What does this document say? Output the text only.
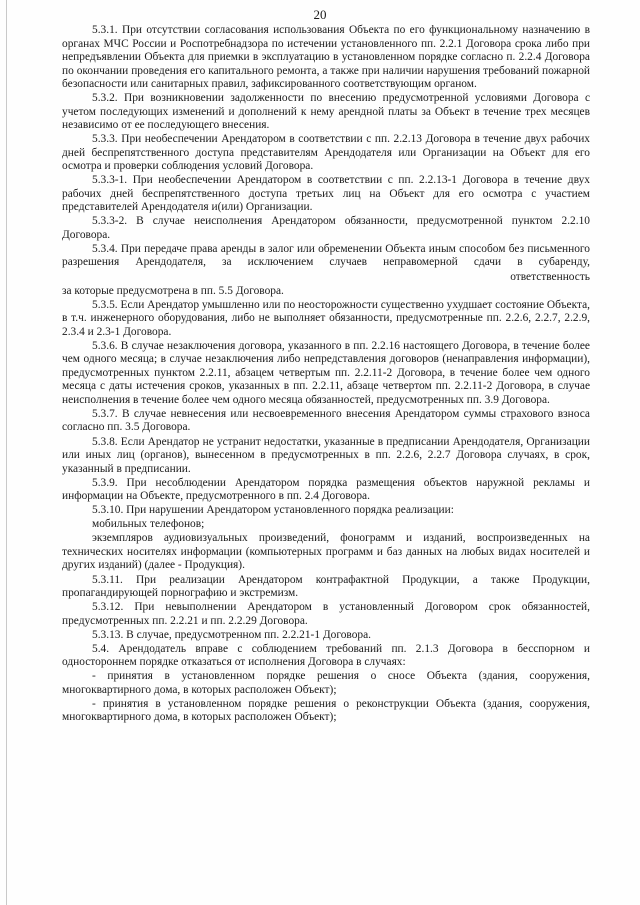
20

5.3.1. При отсутствии согласования использования Объекта по его функциональному назначению в органах МЧС России и Роспотребнадзора по истечении установленного пп. 2.2.1 Договора срока либо при непредъявлении Объекта для приемки в эксплуатацию в установленном порядке согласно п. 2.2.4 Договора по окончании проведения его капитального ремонта, а также при наличии нарушения требований пожарной безопасности или санитарных правил, зафиксированного соответствующим органом.

5.3.2. При возникновении задолженности по внесению предусмотренной условиями Договора с учетом последующих изменений и дополнений к нему арендной платы за Объект в течение трех месяцев независимо от ее последующего внесения.

5.3.3. При необеспечении Арендатором в соответствии с пп. 2.2.13 Договора в течение двух рабочих дней беспрепятственного доступа представителям Арендодателя или Организации на Объект для его осмотра и проверки соблюдения условий Договора.

5.3.3-1. При необеспечении Арендатором в соответствии с пп. 2.2.13-1 Договора в течение двух рабочих дней беспрепятственного доступа третьих лиц на Объект для его осмотра с участием представителей Арендодателя и(или) Организации.

5.3.3-2. В случае неисполнения Арендатором обязанности, предусмотренной пунктом 2.2.10 Договора.

5.3.4. При передаче права аренды в залог или обременении Объекта иным способом без письменного разрешения Арендодателя, за исключением случаев неправомерной сдачи в субаренду,

ответственность

за которые предусмотрена в пп. 5.5 Договора.

5.3.5. Если Арендатор умышленно или по неосторожности существенно ухудшает состояние Объекта, в т.ч. инженерного оборудования, либо не выполняет обязанности, предусмотренные пп. 2.2.6, 2.2.7, 2.2.9, 2.3.4 и 2.3-1 Договора.

5.3.6. В случае незаключения договора, указанного в пп. 2.2.16 настоящего Договора, в течение более чем одного месяца; в случае незаключения либо непредставления договоров (ненаправления информации), предусмотренных пунктом 2.2.11, абзацем четвертым пп. 2.2.11-2 Договора, в течение более чем одного месяца с даты истечения сроков, указанных в пп. 2.2.11, абзаце четвертом пп. 2.2.11-2 Договора, в случае неисполнения в течение более чем одного месяца обязанностей, предусмотренных пп. 3.9 Договора.

5.3.7. В случае невнесения или несвоевременного внесения Арендатором суммы страхового взноса согласно пп. 3.5 Договора.

5.3.8. Если Арендатор не устранит недостатки, указанные в предписании Арендодателя, Организации или иных лиц (органов), вынесенном в предусмотренных в пп. 2.2.6, 2.2.7 Договора случаях, в срок, указанный в предписании.

5.3.9. При несоблюдении Арендатором порядка размещения объектов наружной рекламы и информации на Объекте, предусмотренного в пп. 2.4 Договора.

5.3.10. При нарушении Арендатором установленного порядка реализации:

мобильных телефонов;

экземпляров аудиовизуальных произведений, фонограмм и изданий, воспроизведенных на технических носителях информации (компьютерных программ и баз данных на любых видах носителей и других изданий) (далее - Продукция).

5.3.11. При реализации Арендатором контрафактной Продукции, а также Продукции, пропагандирующей порнографию и экстремизм.

5.3.12. При невыполнении Арендатором в установленный Договором срок обязанностей, предусмотренных пп. 2.2.21 и пп. 2.2.29 Договора.

5.3.13. В случае, предусмотренном пп. 2.2.21-1 Договора.

5.4. Арендодатель вправе с соблюдением требований пп. 2.1.3 Договора в бесспорном и одностороннем порядке отказаться от исполнения Договора в случаях:

- принятия в установленном порядке решения о сносе Объекта (здания, сооружения, многоквартирного дома, в которых расположен Объект);

- принятия в установленном порядке решения о реконструкции Объекта (здания, сооружения, многоквартирного дома, в которых расположен Объект);
